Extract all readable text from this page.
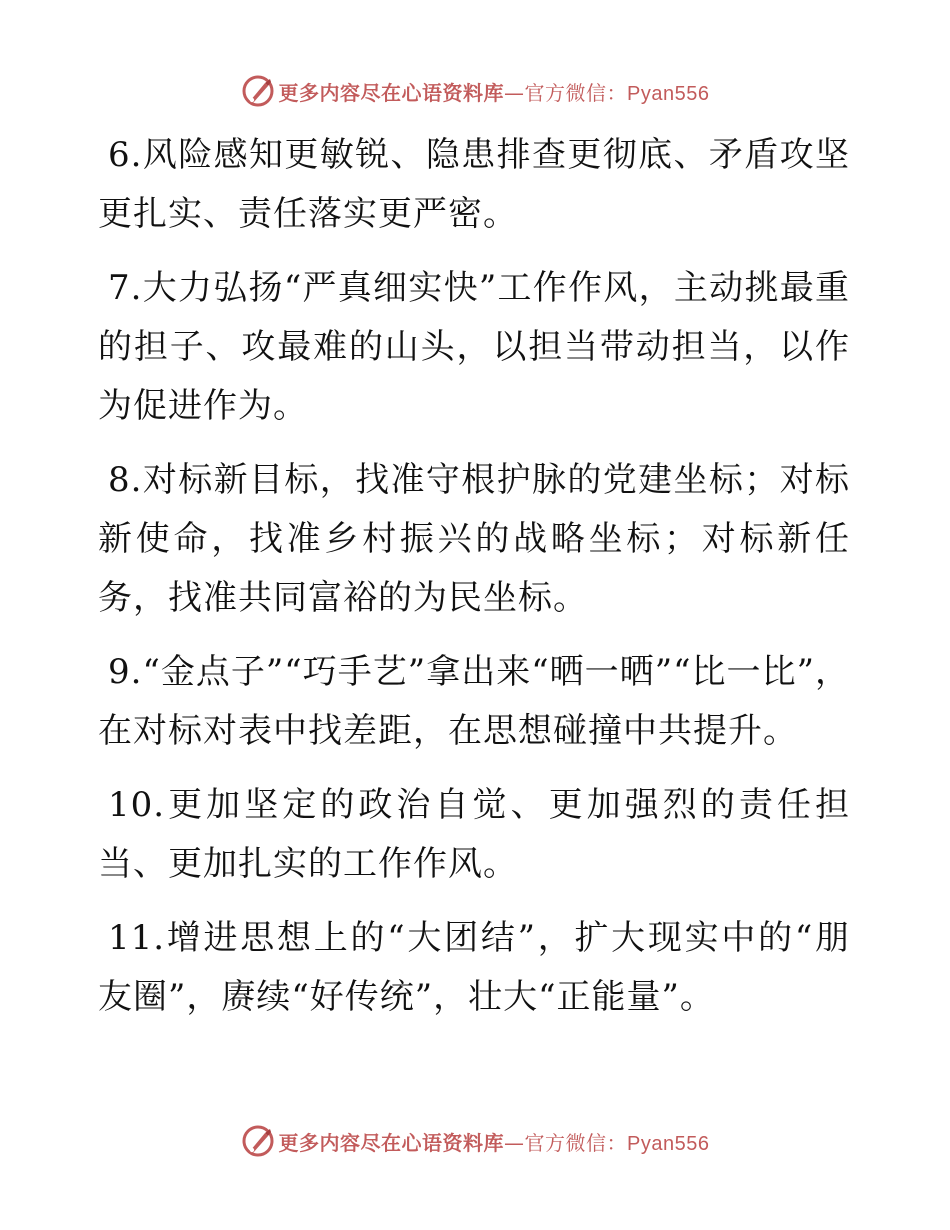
更多内容尽在心语资料库—官方微信：Pyan556

6.风险感知更敏锐、隐患排查更彻底、矛盾攻坚更扎实、责任落实更严密。

7.大力弘扬“严真细实快”工作作风，主动挑最重的担子、攻最难的山头，以担当带动担当，以作为促进作为。

8.对标新目标，找准守根护脉的党建坐标；对标新使命，找准乡村振兴的战略坐标；对标新任务，找准共同富裕的为民坐标。

9.“金点子”“巧手艺”拿出来“晒一晒”“比一比”，在对标对表中找差距，在思想碰撞中共提升。

10.更加坚定的政治自觉、更加强烈的责任担当、更加扎实的工作作风。

11.增进思想上的“大团结”，扩大现实中的“朋友圈”，赓续“好传统”，壮大“正能量”。

更多内容尽在心语资料库—官方微信：Pyan556
